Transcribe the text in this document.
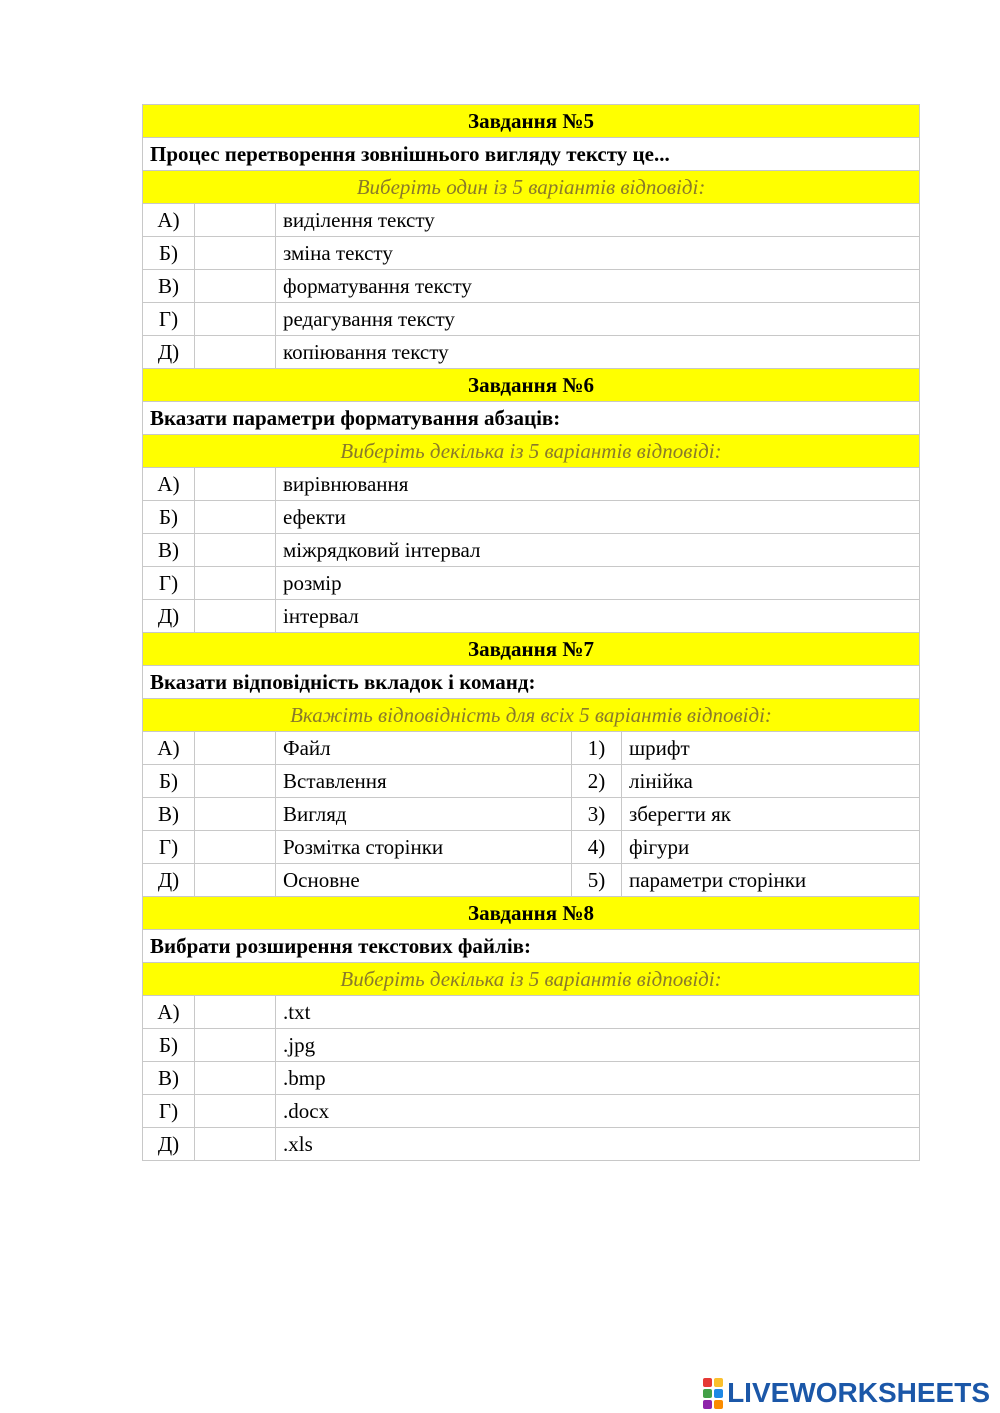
Завдання №5				
Процес перетворення зовнішнього вигляду тексту це...				
Виберіть один із 5 варіантів відповіді:				
А)		виділення тексту		
Б)		зміна тексту		
В)		форматування тексту		
Г)		редагування тексту		
Д)		копіювання тексту		
Завдання №6				
Вказати параметри форматування абзаців:				
Виберіть декілька із 5 варіантів відповіді:				
А)		вирівнювання		
Б)		ефекти		
В)		міжрядковий інтервал		
Г)		розмір		
Д)		інтервал		
Завдання №7				
Вказати відповідність вкладок і команд:				
Вкажіть відповідність для всіх 5 варіантів відповіді:				
А)		Файл	1)	шрифт
Б)		Вставлення	2)	лінійка
В)		Вигляд	3)	зберегти як
Г)		Розмітка сторінки	4)	фігури
Д)		Основне	5)	параметри сторінки
Завдання №8				
Вибрати розширення текстових файлів:				
Виберіть декілька із 5 варіантів відповіді:				
А)		.txt		
Б)		.jpg		
В)		.bmp		
Г)		.docx		
Д)		.xls		
LIVEWORKSHEETS
